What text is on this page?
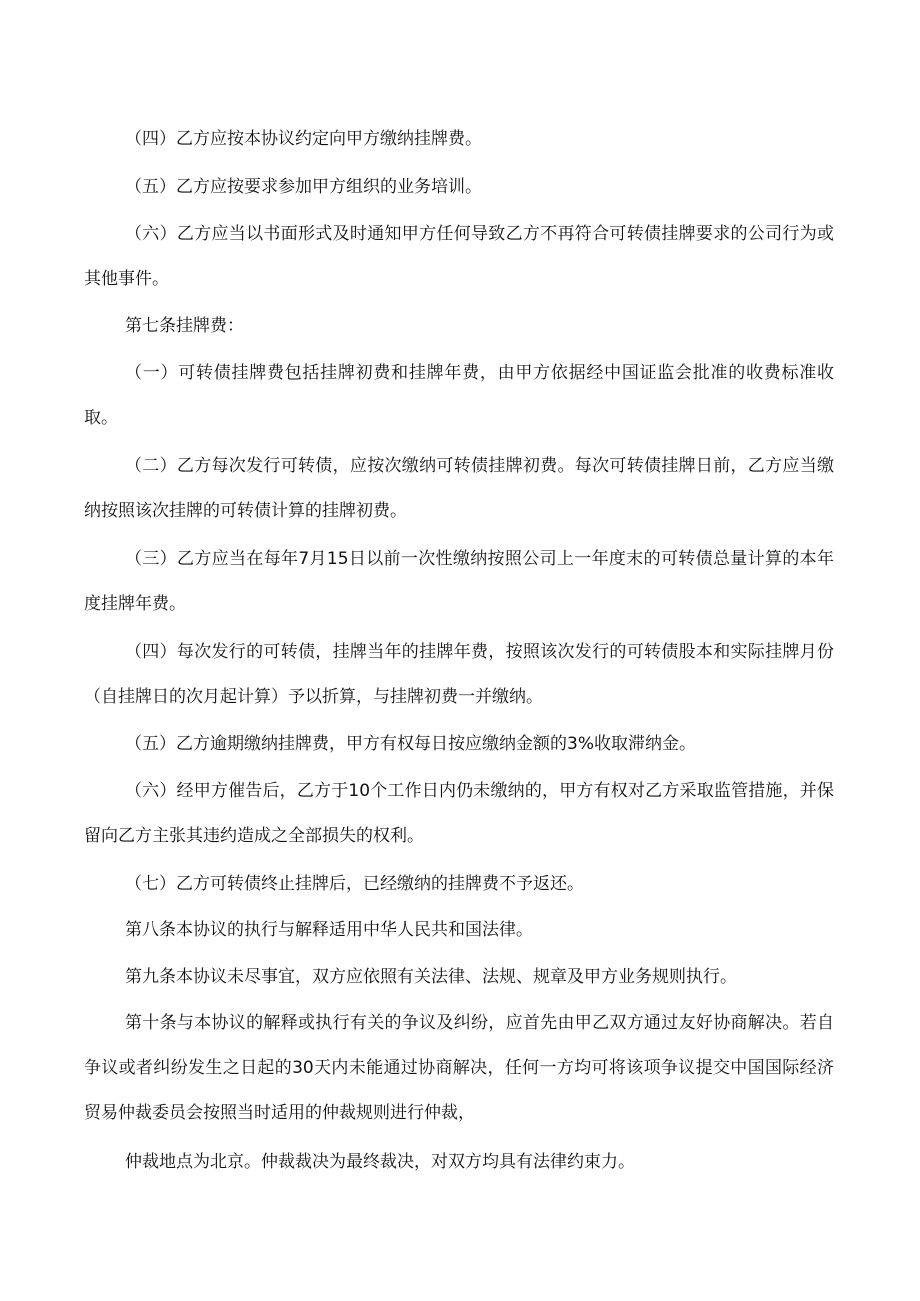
（四）乙方应按本协议约定向甲方缴纳挂牌费。

（五）乙方应按要求参加甲方组织的业务培训。

（六）乙方应当以书面形式及时通知甲方任何导致乙方不再符合可转债挂牌要求的公司行为或其他事件。

第七条挂牌费：

（一）可转债挂牌费包括挂牌初费和挂牌年费，由甲方依据经中国证监会批准的收费标准收取。

（二）乙方每次发行可转债，应按次缴纳可转债挂牌初费。每次可转债挂牌日前，乙方应当缴纳按照该次挂牌的可转债计算的挂牌初费。

（三）乙方应当在每年7月15日以前一次性缴纳按照公司上一年度末的可转债总量计算的本年度挂牌年费。

（四）每次发行的可转债，挂牌当年的挂牌年费，按照该次发行的可转债股本和实际挂牌月份（自挂牌日的次月起计算）予以折算，与挂牌初费一并缴纳。

（五）乙方逾期缴纳挂牌费，甲方有权每日按应缴纳金额的3%收取滞纳金。

（六）经甲方催告后，乙方于10个工作日内仍未缴纳的，甲方有权对乙方采取监管措施，并保留向乙方主张其违约造成之全部损失的权利。

（七）乙方可转债终止挂牌后，已经缴纳的挂牌费不予返还。

第八条本协议的执行与解释适用中华人民共和国法律。

第九条本协议未尽事宜，双方应依照有关法律、法规、规章及甲方业务规则执行。

第十条与本协议的解释或执行有关的争议及纠纷，应首先由甲乙双方通过友好协商解决。若自争议或者纠纷发生之日起的30天内未能通过协商解决，任何一方均可将该项争议提交中国国际经济贸易仲裁委员会按照当时适用的仲裁规则进行仲裁，

仲裁地点为北京。仲裁裁决为最终裁决，对双方均具有法律约束力。
